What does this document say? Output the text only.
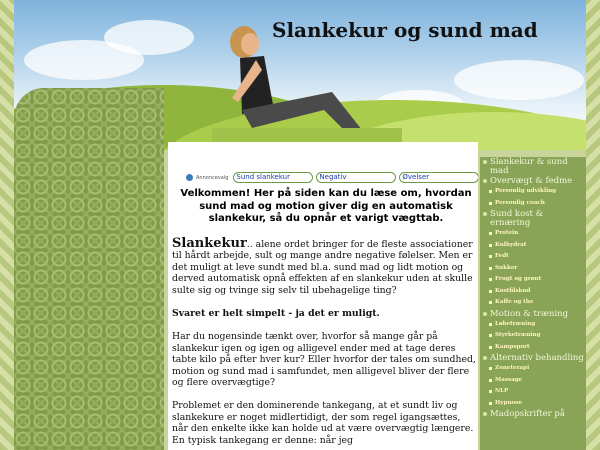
Slankekur og sund mad
Annoncevalg	Sund slankekur	Negativ	Øvelser
Velkommen! Her på siden kan du læse om, hvordan sund mad og motion giver dig en automatisk slankekur, så du opnår et varigt vægttab.

Slankekur.. alene ordet bringer for de fleste associationer til hårdt arbejde, sult og mange andre negative følelser. Men er det muligt at leve sundt med bl.a. sund mad og lidt motion og derved automatisk opnå effekten af en slankekur uden at skulle sulte sig og tvinge sig selv til ubehagelige ting?

Svaret er helt simpelt - ja det er muligt.

Har du nogensinde tænkt over, hvorfor så mange går på slankekur igen og igen og alligevel ender med at tage deres tabte kilo på efter hver kur? Eller hvorfor der tales om sundhed, motion og sund mad i samfundet, men alligevel bliver der flere og flere overvægtige?

Problemet er den dominerende tankegang, at et sundt liv og slankekure er noget midlertidigt, der som regel igangsættes, når den enkelte ikke kan holde ud at være overvægtig længere. En typisk tankegang er denne: når jeg

Slankekur & sund mad
Overvægt & fedme
Personlig udvikling
Personlig coach
Sund kost & ernæring
Protein
Kulhydrat
Fedt
Sukker
Frugt og grønt
Kostfilskud
Kaffe og the
Motion & træning
Løbetræning
Styrketræning
Kampsport
Alternativ behandling
Zoneterapi
Massage
NLP
Hypnose
Madopskrifter på
